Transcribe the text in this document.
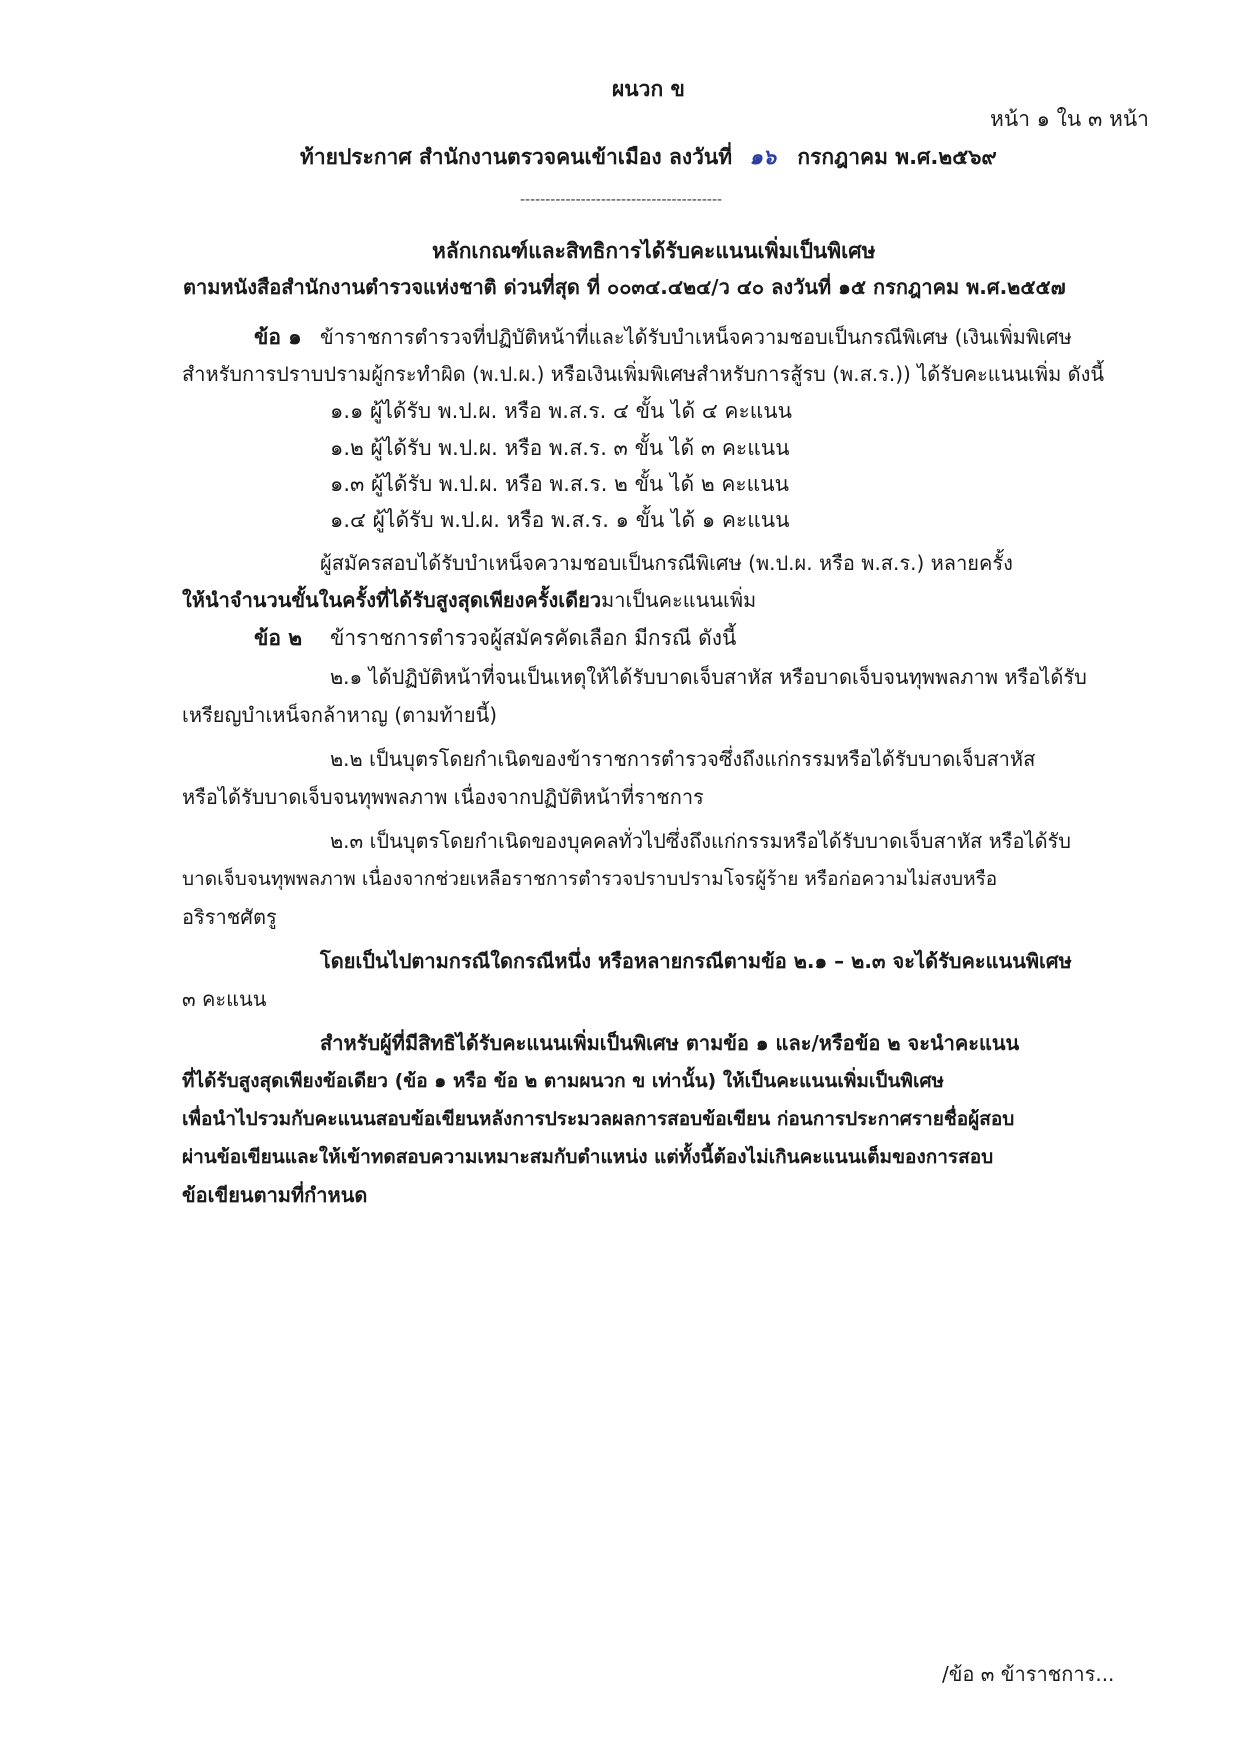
ผนวก ข
หน้า ๑ ใน ๓ หน้า
ท้ายประกาศ สำนักงานตรวจคนเข้าเมือง ลงวันที่ ๑๖ กรกฎาคม พ.ศ.๒๕๖๙
----------------------------------------
หลักเกณฑ์และสิทธิการได้รับคะแนนเพิ่มเป็นพิเศษ
ตามหนังสือสำนักงานตำรวจแห่งชาติ ด่วนที่สุด ที่ ๐๐๓๔.๔๒๔/ว ๔๐ ลงวันที่ ๑๕ กรกฎาคม พ.ศ.๒๕๕๗
ข้อ ๑ ข้าราชการตำรวจที่ปฏิบัติหน้าที่และได้รับบำเหน็จความชอบเป็นกรณีพิเศษ (เงินเพิ่มพิเศษ
สำหรับการปราบปรามผู้กระทำผิด (พ.ป.ผ.) หรือเงินเพิ่มพิเศษสำหรับการสู้รบ (พ.ส.ร.)) ได้รับคะแนนเพิ่ม ดังนี้
๑.๑ ผู้ได้รับ พ.ป.ผ. หรือ พ.ส.ร. ๔ ขั้น ได้ ๔ คะแนน
๑.๒ ผู้ได้รับ พ.ป.ผ. หรือ พ.ส.ร. ๓ ขั้น ได้ ๓ คะแนน
๑.๓ ผู้ได้รับ พ.ป.ผ. หรือ พ.ส.ร. ๒ ขั้น ได้ ๒ คะแนน
๑.๔ ผู้ได้รับ พ.ป.ผ. หรือ พ.ส.ร. ๑ ขั้น ได้ ๑ คะแนน
ผู้สมัครสอบได้รับบำเหน็จความชอบเป็นกรณีพิเศษ (พ.ป.ผ. หรือ พ.ส.ร.) หลายครั้ง
ให้นำจำนวนขั้นในครั้งที่ได้รับสูงสุดเพียงครั้งเดียวมาเป็นคะแนนเพิ่ม
ข้อ ๒ ข้าราชการตำรวจผู้สมัครคัดเลือก มีกรณี ดังนี้
๒.๑ ได้ปฏิบัติหน้าที่จนเป็นเหตุให้ได้รับบาดเจ็บสาหัส หรือบาดเจ็บจนทุพพลภาพ หรือได้รับ
เหรียญบำเหน็จกล้าหาญ (ตามท้ายนี้)
๒.๒ เป็นบุตรโดยกำเนิดของข้าราชการตำรวจซึ่งถึงแก่กรรมหรือได้รับบาดเจ็บสาหัส
หรือได้รับบาดเจ็บจนทุพพลภาพ เนื่องจากปฏิบัติหน้าที่ราชการ
๒.๓ เป็นบุตรโดยกำเนิดของบุคคลทั่วไปซึ่งถึงแก่กรรมหรือได้รับบาดเจ็บสาหัส หรือได้รับ
บาดเจ็บจนทุพพลภาพ เนื่องจากช่วยเหลือราชการตำรวจปราบปรามโจรผู้ร้าย หรือก่อความไม่สงบหรือ
อริราชศัตรู
โดยเป็นไปตามกรณีใดกรณีหนึ่ง หรือหลายกรณีตามข้อ ๒.๑ – ๒.๓ จะได้รับคะแนนพิเศษ
๓ คะแนน
สำหรับผู้ที่มีสิทธิได้รับคะแนนเพิ่มเป็นพิเศษ ตามข้อ ๑ และ/หรือข้อ ๒ จะนำคะแนน
ที่ได้รับสูงสุดเพียงข้อเดียว (ข้อ ๑ หรือ ข้อ ๒ ตามผนวก ข เท่านั้น) ให้เป็นคะแนนเพิ่มเป็นพิเศษ
เพื่อนำไปรวมกับคะแนนสอบข้อเขียนหลังการประมวลผลการสอบข้อเขียน ก่อนการประกาศรายชื่อผู้สอบ
ผ่านข้อเขียนและให้เข้าทดสอบความเหมาะสมกับตำแหน่ง แต่ทั้งนี้ต้องไม่เกินคะแนนเต็มของการสอบ
ข้อเขียนตามที่กำหนด
/ข้อ ๓ ข้าราชการ...
